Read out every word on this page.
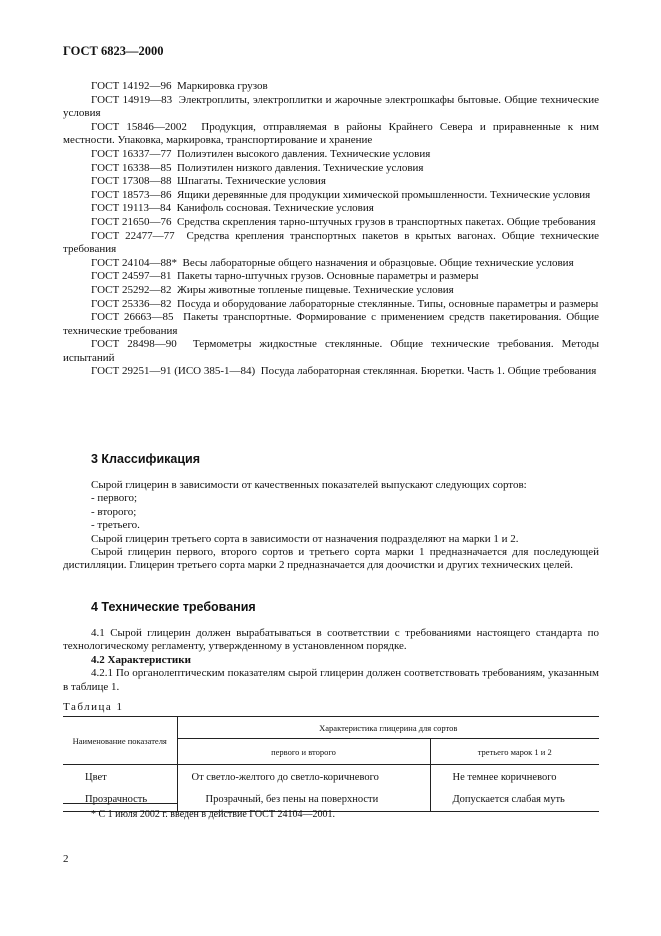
ГОСТ 6823—2000

ГОСТ 14192—96 Маркировка грузов

ГОСТ 14919—83 Электроплиты, электроплитки и жарочные электрошкафы бытовые. Общие технические условия

ГОСТ 15846—2002 Продукция, отправляемая в районы Крайнего Севера и приравненные к ним местности. Упаковка, маркировка, транспортирование и хранение

ГОСТ 16337—77 Полиэтилен высокого давления. Технические условия

ГОСТ 16338—85 Полиэтилен низкого давления. Технические условия

ГОСТ 17308—88 Шпагаты. Технические условия

ГОСТ 18573—86 Ящики деревянные для продукции химической промышленности. Технические условия

ГОСТ 19113—84 Канифоль сосновая. Технические условия

ГОСТ 21650—76 Средства скрепления тарно-штучных грузов в транспортных пакетах. Общие требования

ГОСТ 22477—77 Средства крепления транспортных пакетов в крытых вагонах. Общие технические требования

ГОСТ 24104—88* Весы лабораторные общего назначения и образцовые. Общие технические условия

ГОСТ 24597—81 Пакеты тарно-штучных грузов. Основные параметры и размеры

ГОСТ 25292—82 Жиры животные топленые пищевые. Технические условия

ГОСТ 25336—82 Посуда и оборудование лабораторные стеклянные. Типы, основные параметры и размеры

ГОСТ 26663—85 Пакеты транспортные. Формирование с применением средств пакетирования. Общие технические требования

ГОСТ 28498—90 Термометры жидкостные стеклянные. Общие технические требования. Методы испытаний

ГОСТ 29251—91 (ИСО 385-1—84) Посуда лабораторная стеклянная. Бюретки. Часть 1. Общие требования

3 Классификация

Сырой глицерин в зависимости от качественных показателей выпускают следующих сортов:

- первого;

- второго;

- третьего.

Сырой глицерин третьего сорта в зависимости от назначения подразделяют на марки 1 и 2.

Сырой глицерин первого, второго сортов и третьего сорта марки 1 предназначается для последующей дистилляции. Глицерин третьего сорта марки 2 предназначается для доочистки и других технических целей.

4 Технические требования

4.1 Сырой глицерин должен вырабатываться в соответствии с требованиями настоящего стандарта по технологическому регламенту, утвержденному в установленном порядке.

4.2 Характеристики

4.2.1 По органолептическим показателям сырой глицерин должен соответствовать требованиям, указанным в таблице 1.

Таблица 1
Наименование показателя	Характеристика глицерина для сортов	
	первого и второго	третьего марок 1 и 2
Цвет	От светло-желтого до светло-коричневого	Не темнее коричневого
Прозрачность	Прозрачный, без пены на поверхности	Допускается слабая муть
* С 1 июля 2002 г. введен в действие ГОСТ 24104—2001.
2
